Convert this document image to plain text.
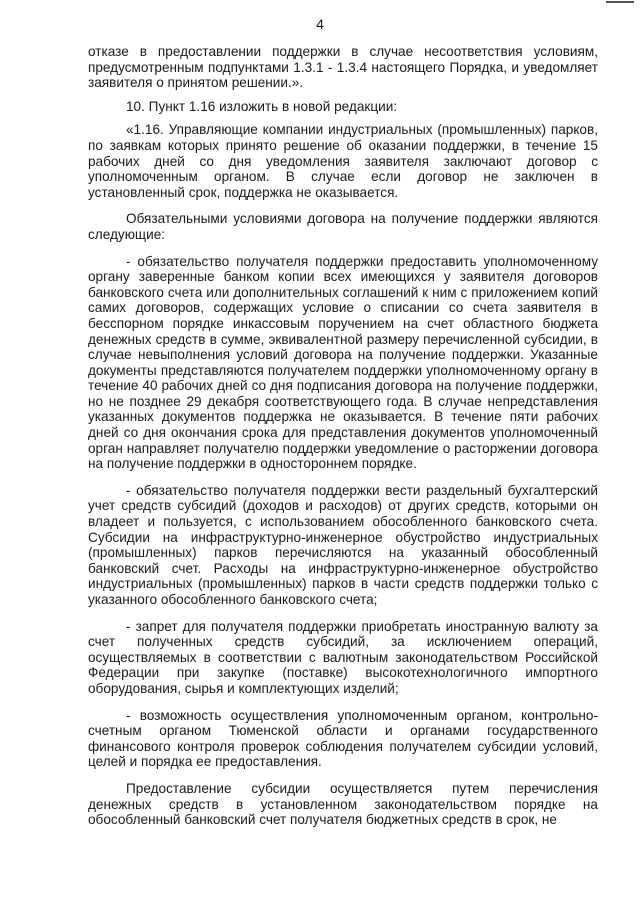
4

отказе в предоставлении поддержки в случае несоответствия условиям, предусмотренным подпунктами 1.3.1 - 1.3.4 настоящего Порядка, и уведомляет заявителя о принятом решении.».

10. Пункт 1.16 изложить в новой редакции:

«1.16. Управляющие компании индустриальных (промышленных) парков, по заявкам которых принято решение об оказании поддержки, в течение 15 рабочих дней со дня уведомления заявителя заключают договор с уполномоченным органом. В случае если договор не заключен в установленный срок, поддержка не оказывается.

Обязательными условиями договора на получение поддержки являются следующие:

- обязательство получателя поддержки предоставить уполномоченному органу заверенные банком копии всех имеющихся у заявителя договоров банковского счета или дополнительных соглашений к ним с приложением копий самих договоров, содержащих условие о списании со счета заявителя в бесспорном порядке инкассовым поручением на счет областного бюджета денежных средств в сумме, эквивалентной размеру перечисленной субсидии, в случае невыполнения условий договора на получение поддержки. Указанные документы представляются получателем поддержки уполномоченному органу в течение 40 рабочих дней со дня подписания договора на получение поддержки, но не позднее 29 декабря соответствующего года. В случае непредставления указанных документов поддержка не оказывается. В течение пяти рабочих дней со дня окончания срока для представления документов уполномоченный орган направляет получателю поддержки уведомление о расторжении договора на получение поддержки в одностороннем порядке.

- обязательство получателя поддержки вести раздельный бухгалтерский учет средств субсидий (доходов и расходов) от других средств, которыми он владеет и пользуется, с использованием обособленного банковского счета. Субсидии на инфраструктурно-инженерное обустройство индустриальных (промышленных) парков перечисляются на указанный обособленный банковский счет. Расходы на инфраструктурно-инженерное обустройство индустриальных (промышленных) парков в части средств поддержки только с указанного обособленного банковского счета;

- запрет для получателя поддержки приобретать иностранную валюту за счет полученных средств субсидий, за исключением операций, осуществляемых в соответствии с валютным законодательством Российской Федерации при закупке (поставке) высокотехнологичного импортного оборудования, сырья и комплектующих изделий;

- возможность осуществления уполномоченным органом, контрольно-счетным органом Тюменской области и органами государственного финансового контроля проверок соблюдения получателем субсидии условий, целей и порядка ее предоставления.

Предоставление субсидии осуществляется путем перечисления денежных средств в установленном законодательством порядке на обособленный банковский счет получателя бюджетных средств в срок, не
